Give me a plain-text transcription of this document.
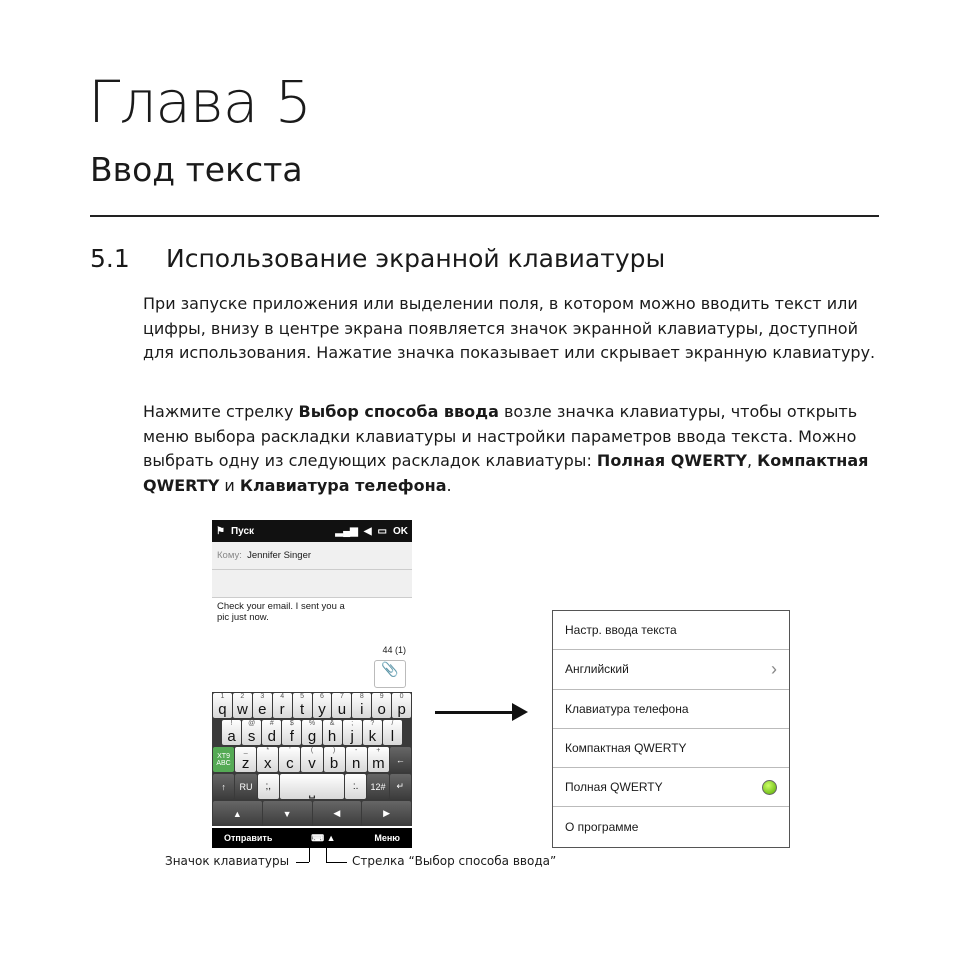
Глава 5
Ввод текста
5.1 Использование экранной клавиатуры
При запуске приложения или выделении поля, в котором можно вводить текст или цифры, внизу в центре экрана появляется значок экранной клавиатуры, доступной для использования. Нажатие значка показывает или скрывает экранную клавиатуру.
Нажмите стрелку Выбор способа ввода возле значка клавиатуры, чтобы открыть меню выбора раскладки клавиатуры и настройки параметров ввода текста. Можно выбрать одну из следующих раскладок клавиатуры: Полная QWERTY, Компактная QWERTY и Клавиатура телефона.
⚑ Пуск	▂▄▆ ◀︎ ▭ OK
Кому:
Jennifer Singer
Check your email. I sent you a pic just now.
44 (1)
📎
1
q
2
w
3
e
4
r
5
t
6
y
7
u
8
i
9
o
0
p
!
a
@
s
#
d
$
f
%
g
&
h
;
j
?
k
/
l
XT9
ABC
_
z
*
x
'
c
(
v
)
b
-
n
+
m	←
↑	RU	;,	⎵	:.	12#	↵
▲	▼	◀	▶
Отправить	⌨ ▲	Меню
Настр. ввода текста
Английский	›
Клавиатура телефона
Компактная QWERTY
Полная QWERTY
О программе
Значок клавиатуры	Стрелка “Выбор способа ввода”
